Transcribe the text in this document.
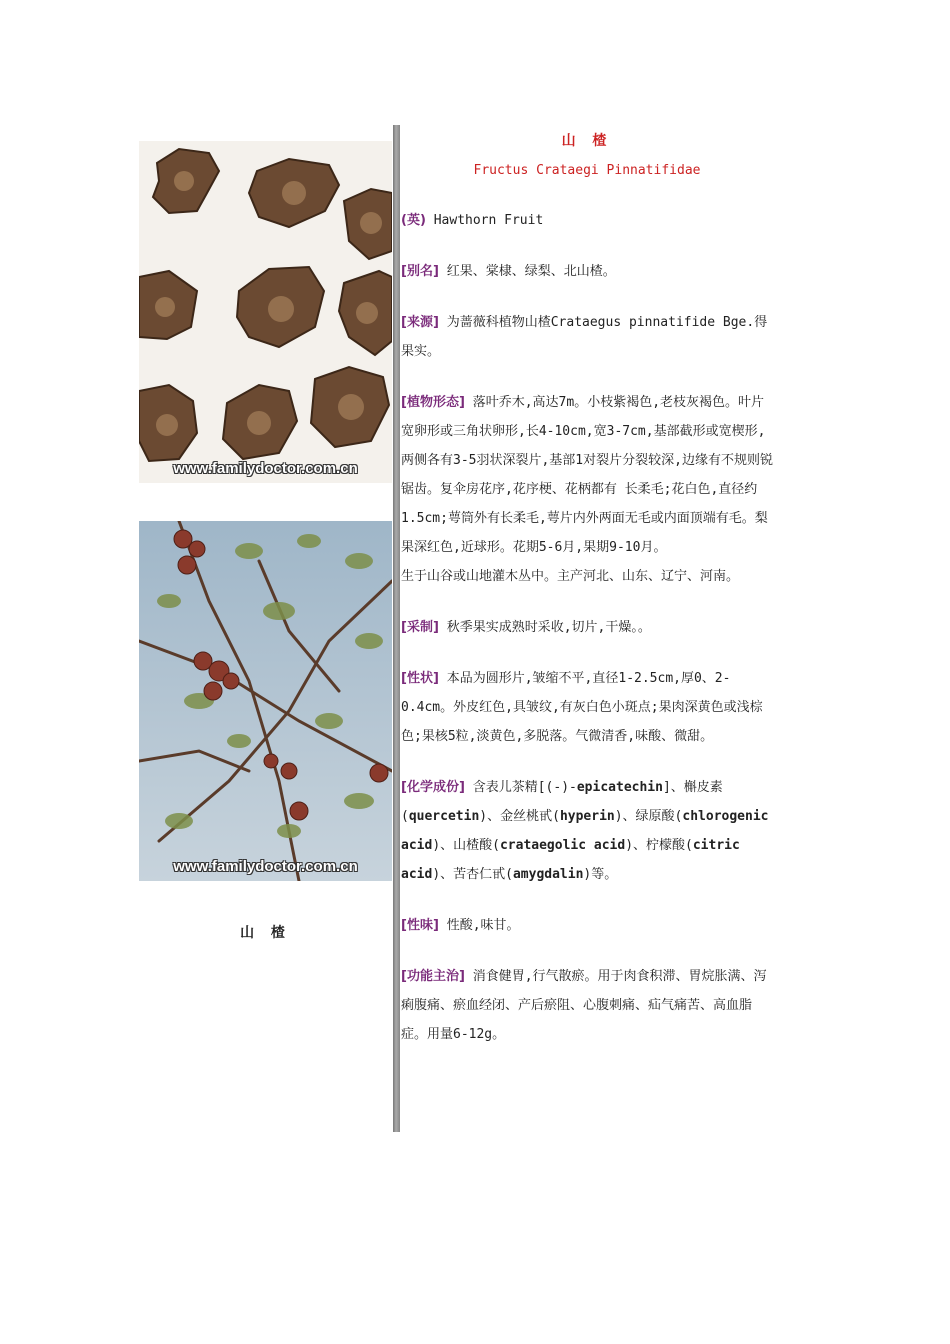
www.familydoctor.com.cn
www.familydoctor.com.cn
山 楂
山 楂
Fructus Crataegi Pinnatifidae
(英) Hawthorn Fruit
[别名] 红果、棠棣、绿梨、北山楂。
[来源] 为蔷薇科植物山楂Crataegus pinnatifide Bge.得果实。
[植物形态] 落叶乔木,高达7m。小枝紫褐色,老枝灰褐色。叶片宽卵形或三角状卵形,长4-10cm,宽3-7cm,基部截形或宽楔形,两侧各有3-5羽状深裂片,基部1对裂片分裂较深,边缘有不规则锐锯齿。复伞房花序,花序梗、花柄都有 长柔毛;花白色,直径约1.5cm;萼筒外有长柔毛,萼片内外两面无毛或内面顶端有毛。梨果深红色,近球形。花期5-6月,果期9-10月。
生于山谷或山地灌木丛中。主产河北、山东、辽宁、河南。
[采制] 秋季果实成熟时采收,切片,干燥。。
[性状] 本品为圆形片,皱缩不平,直径1-2.5cm,厚0、2-0.4cm。外皮红色,具皱纹,有灰白色小斑点;果肉深黄色或浅棕色;果核5粒,淡黄色,多脱落。气微清香,味酸、微甜。
[化学成份] 含表儿茶精[(-)-epicatechin]、槲皮素(quercetin)、金丝桃甙(hyperin)、绿原酸(chlorogenic acid)、山楂酸(crataegolic acid)、柠檬酸(citric acid)、苦杏仁甙(amygdalin)等。
[性味] 性酸,味甘。
[功能主治] 消食健胃,行气散瘀。用于肉食积滞、胃烷胀满、泻痢腹痛、瘀血经闭、产后瘀阻、心腹刺痛、疝气痛苦、高血脂症。用量6-12g。
